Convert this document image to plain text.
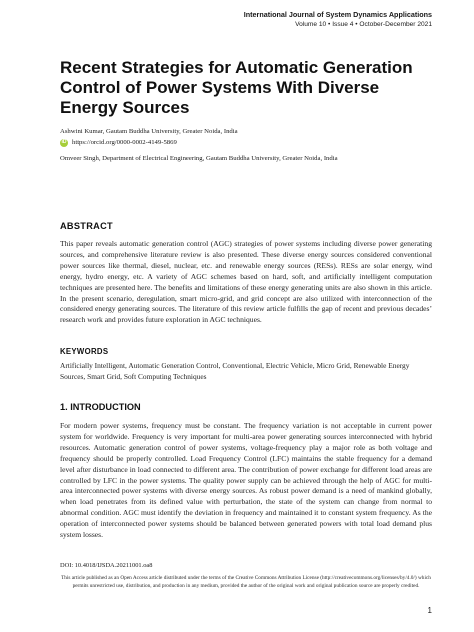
International Journal of System Dynamics Applications
Volume 10 • Issue 4 • October-December 2021
Recent Strategies for Automatic Generation Control of Power Systems With Diverse Energy Sources
Ashwini Kumar, Gautam Buddha University, Greater Noida, India
iD https://orcid.org/0000-0002-4149-5869
Omveer Singh, Department of Electrical Engineering, Gautam Buddha University, Greater Noida, India
ABSTRACT
This paper reveals automatic generation control (AGC) strategies of power systems including diverse power generating sources, and comprehensive literature review is also presented. These diverse energy sources considered conventional power sources like thermal, diesel, nuclear, etc. and renewable energy sources (RESs). RESs are solar energy, wind energy, hydro energy, etc. A variety of AGC schemes based on hard, soft, and artificially intelligent computation techniques are presented here. The benefits and limitations of these energy generating units are also shown in this article. In the present scenario, deregulation, smart micro-grid, and grid concept are also utilized with interconnection of the considered energy generating sources. The literature of this review article fulfills the gap of recent and previous decades’ research work and provides future exploration in AGC techniques.
KEYWORDS
Artificially Intelligent, Automatic Generation Control, Conventional, Electric Vehicle, Micro Grid, Renewable Energy Sources, Smart Grid, Soft Computing Techniques
1. INTRODUCTION
For modern power systems, frequency must be constant. The frequency variation is not acceptable in current power system for worldwide. Frequency is very important for multi-area power generating sources interconnected with hybrid resources. Automatic generation control of power systems, voltage-frequency play a major role as both voltage and frequency should be properly controlled. Load Frequency Control (LFC) maintains the stable frequency for a demand level after disturbance in load connected to different area. The contribution of power exchange for different load areas are controlled by LFC in the power systems. The quality power supply can be achieved through the help of AGC for multi-area interconnected power systems with diverse energy sources. As robust power demand is a need of mankind globally, when load penetrates from its defined value with perturbation, the state of the system can change from normal to abnormal condition. AGC must identify the deviation in frequency and maintained it to constant system frequency. As the operation of interconnected power systems should be balanced between generated powers with total load demand plus system losses.
DOI: 10.4018/IJSDA.20211001.oa8
This article published as an Open Access article distributed under the terms of the Creative Commons Attribution License (http://creativecommons.org/licenses/by/4.0/) which permits unrestricted use, distribution, and production in any medium, provided the author of the original work and original publication source are properly credited.
1
